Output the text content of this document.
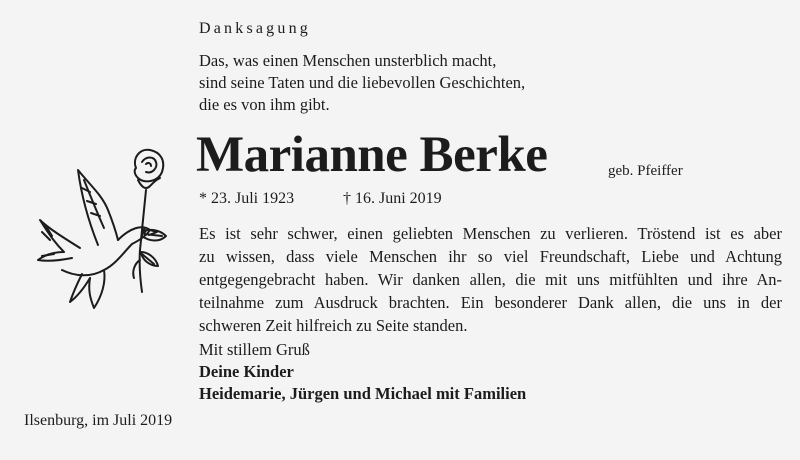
Danksagung
Das, was einen Menschen unsterblich macht,
sind seine Taten und die liebevollen Geschichten,
die es von ihm gibt.
Marianne Berke	geb. Pfeiffer
* 23. Juli 1923	† 16. Juni 2019
Es ist sehr schwer, einen geliebten Menschen zu verlieren. Tröstend ist es aber
zu wissen, dass viele Menschen ihr so viel Freundschaft, Liebe und Achtung
entgegengebracht haben. Wir danken allen, die mit uns mitfühlten und ihre An-
teilnahme zum Ausdruck brachten. Ein besonderer Dank allen, die uns in der
schweren Zeit hilfreich zu Seite standen.
Mit stillem Gruß
Deine Kinder
Heidemarie, Jürgen und Michael mit Familien
Ilsenburg, im Juli 2019
